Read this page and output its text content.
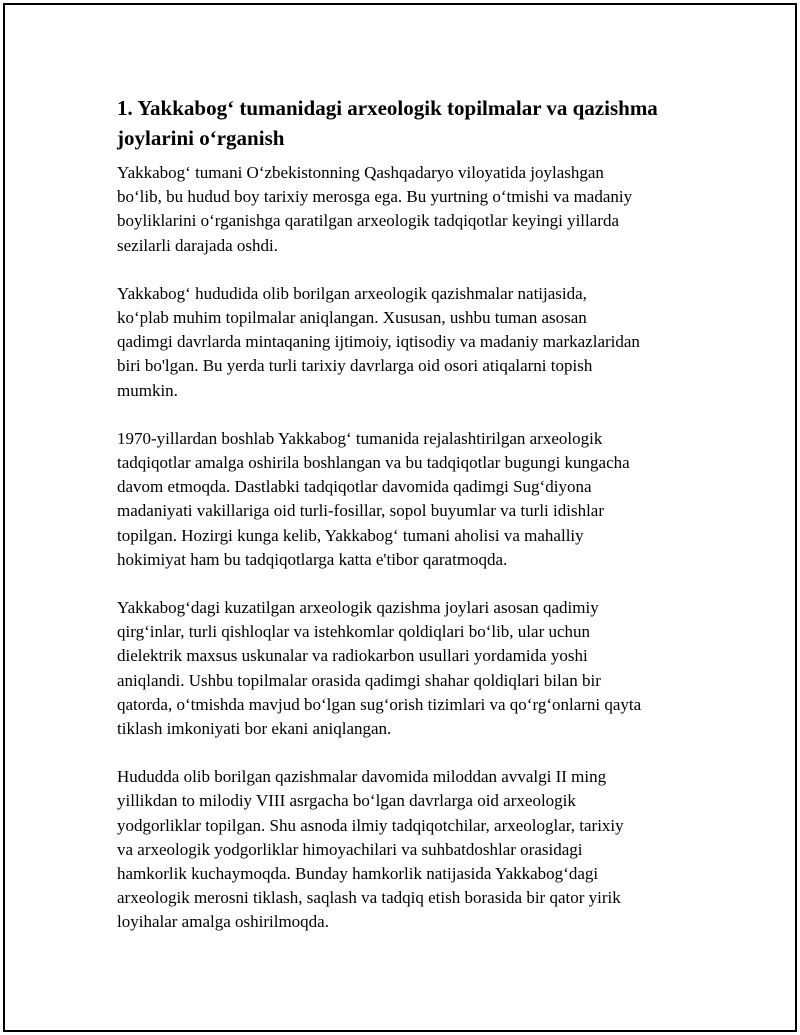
1. Yakkabog‘ tumanidagi arxeologik topilmalar va qazishma joylarini o‘rganish

Yakkabog‘ tumani O‘zbekistonning Qashqadaryo viloyatida joylashgan
bo‘lib, bu hudud boy tarixiy merosga ega. Bu yurtning o‘tmishi va madaniy
boyliklarini o‘rganishga qaratilgan arxeologik tadqiqotlar keyingi yillarda
sezilarli darajada oshdi.

Yakkabog‘ hududida olib borilgan arxeologik qazishmalar natijasida,
ko‘plab muhim topilmalar aniqlangan. Xususan, ushbu tuman asosan
qadimgi davrlarda mintaqaning ijtimoiy, iqtisodiy va madaniy markazlaridan
biri bo'lgan. Bu yerda turli tarixiy davrlarga oid osori atiqalarni topish
mumkin.

1970-yillardan boshlab Yakkabog‘ tumanida rejalashtirilgan arxeologik
tadqiqotlar amalga oshirila boshlangan va bu tadqiqotlar bugungi kungacha
davom etmoqda. Dastlabki tadqiqotlar davomida qadimgi Sug‘diyona
madaniyati vakillariga oid turli-fosillar, sopol buyumlar va turli idishlar
topilgan. Hozirgi kunga kelib, Yakkabog‘ tumani aholisi va mahalliy
hokimiyat ham bu tadqiqotlarga katta e'tibor qaratmoqda.

Yakkabog‘dagi kuzatilgan arxeologik qazishma joylari asosan qadimiy
qirg‘inlar, turli qishloqlar va istehkomlar qoldiqlari bo‘lib, ular uchun
dielektrik maxsus uskunalar va radiokarbon usullari yordamida yoshi
aniqlandi. Ushbu topilmalar orasida qadimgi shahar qoldiqlari bilan bir
qatorda, o‘tmishda mavjud bo‘lgan sug‘orish tizimlari va qo‘rg‘onlarni qayta
tiklash imkoniyati bor ekani aniqlangan.

Hududda olib borilgan qazishmalar davomida miloddan avvalgi II ming
yillikdan to milodiy VIII asrgacha bo‘lgan davrlarga oid arxeologik
yodgorliklar topilgan. Shu asnoda ilmiy tadqiqotchilar, arxeologlar, tarixiy
va arxeologik yodgorliklar himoyachilari va suhbatdoshlar orasidagi
hamkorlik kuchaymoqda. Bunday hamkorlik natijasida Yakkabog‘dagi
arxeologik merosni tiklash, saqlash va tadqiq etish borasida bir qator yirik
loyihalar amalga oshirilmoqda.
